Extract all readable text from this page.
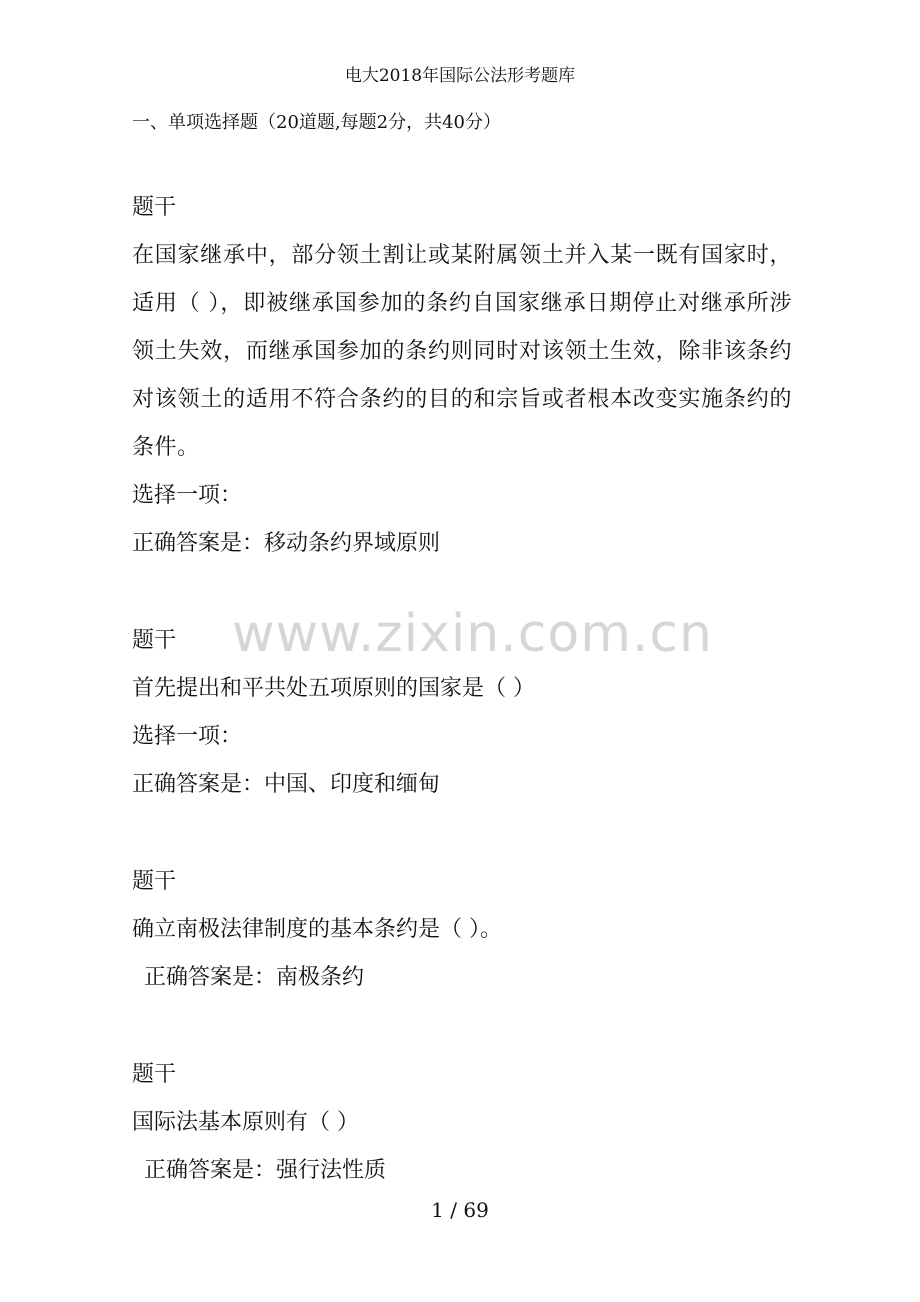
电大2018年国际公法形考题库
一、单项选择题（20道题,每题2分，共40分）
题干
在国家继承中，部分领土割让或某附属领土并入某一既有国家时，适用（ ），即被继承国参加的条约自国家继承日期停止对继承所涉领土失效，而继承国参加的条约则同时对该领土生效，除非该条约对该领土的适用不符合条约的目的和宗旨或者根本改变实施条约的条件。
选择一项：
正确答案是：移动条约界域原则
题干
首先提出和平共处五项原则的国家是（ ）
选择一项：
正确答案是：中国、印度和缅甸
题干
确立南极法律制度的基本条约是（ ）。
正确答案是：南极条约
题干
国际法基本原则有（ ）
正确答案是：强行法性质
www.zixin.com.cn
1 / 69
